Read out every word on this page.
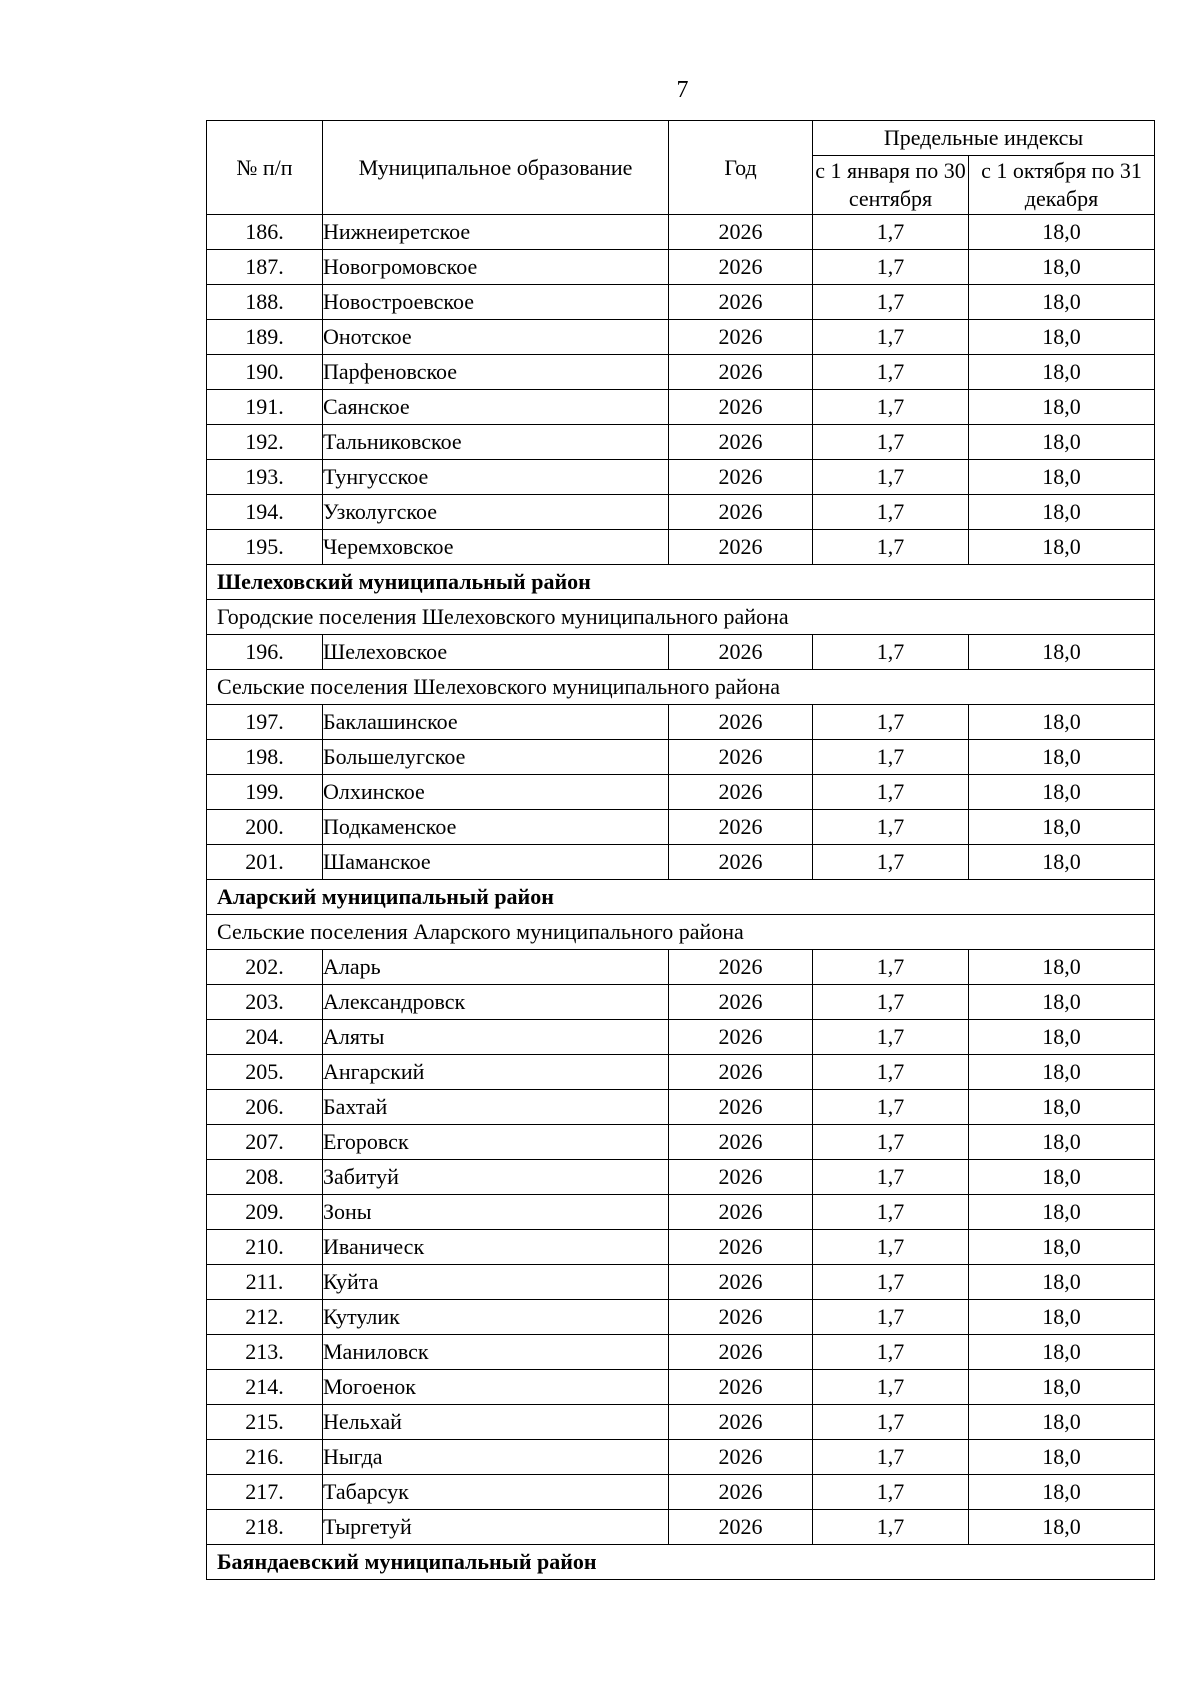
7
№ п/п	Муниципальное образование	Год	Предельные индексы	
			с 1 января по 30 сентября	с 1 октября по 31 декабря
186.	Нижнеиретское	2026	1,7	18,0
187.	Новогромовское	2026	1,7	18,0
188.	Новостроевское	2026	1,7	18,0
189.	Онотское	2026	1,7	18,0
190.	Парфеновское	2026	1,7	18,0
191.	Саянское	2026	1,7	18,0
192.	Тальниковское	2026	1,7	18,0
193.	Тунгусское	2026	1,7	18,0
194.	Узколугское	2026	1,7	18,0
195.	Черемховское	2026	1,7	18,0
Шелеховский муниципальный район				
Городские поселения Шелеховского муниципального района				
196.	Шелеховское	2026	1,7	18,0
Сельские поселения Шелеховского муниципального района				
197.	Баклашинское	2026	1,7	18,0
198.	Большелугское	2026	1,7	18,0
199.	Олхинское	2026	1,7	18,0
200.	Подкаменское	2026	1,7	18,0
201.	Шаманское	2026	1,7	18,0
Аларский муниципальный район				
Сельские поселения Аларского муниципального района				
202.	Аларь	2026	1,7	18,0
203.	Александровск	2026	1,7	18,0
204.	Аляты	2026	1,7	18,0
205.	Ангарский	2026	1,7	18,0
206.	Бахтай	2026	1,7	18,0
207.	Егоровск	2026	1,7	18,0
208.	Забитуй	2026	1,7	18,0
209.	Зоны	2026	1,7	18,0
210.	Иваническ	2026	1,7	18,0
211.	Куйта	2026	1,7	18,0
212.	Кутулик	2026	1,7	18,0
213.	Маниловск	2026	1,7	18,0
214.	Могоенок	2026	1,7	18,0
215.	Нельхай	2026	1,7	18,0
216.	Ныгда	2026	1,7	18,0
217.	Табарсук	2026	1,7	18,0
218.	Тыргетуй	2026	1,7	18,0
Баяндаевский муниципальный район				
